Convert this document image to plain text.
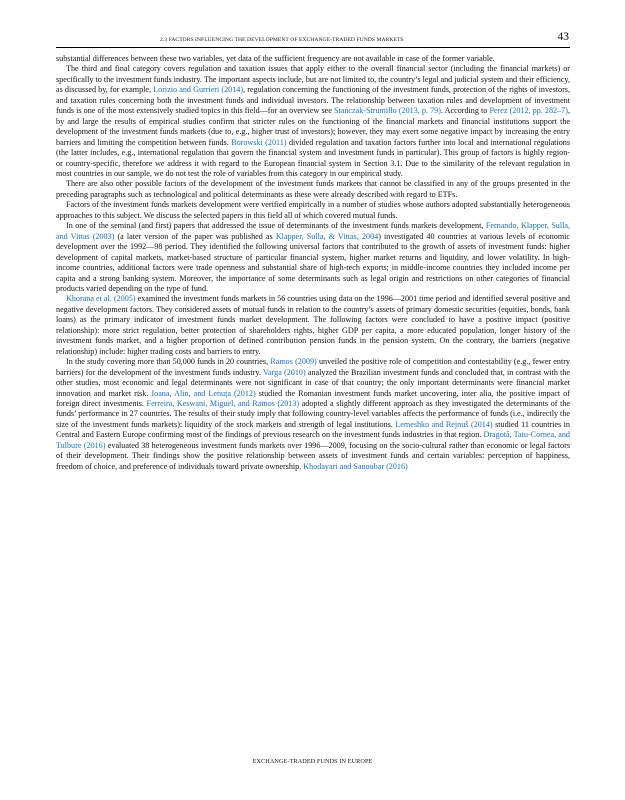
2.3 FACTORS INFLUENCING THE DEVELOPMENT OF EXCHANGE-TRADED FUNDS MARKETS	43

substantial differences between these two variables, yet data of the sufficient frequency are not available in case of the former variable.

The third and final category covers regulation and taxation issues that apply either to the overall financial sector (including the financial markets) or specifically to the investment funds industry. The important aspects include, but are not limited to, the country’s legal and judicial system and their efficiency, as discussed by, for example, Lorizio and Gurrieri (2014), regulation concerning the functioning of the investment funds, protection of the rights of investors, and taxation rules concerning both the investment funds and individual investors. The relationship between taxation rules and development of investment funds is one of the most extensively studied topics in this field—for an overview see Stańczak-Strumiłło (2013, p. 79). According to Perez (2012, pp. 282–7), by and large the results of empirical studies confirm that stricter rules on the functioning of the financial markets and financial institutions support the development of the investment funds markets (due to, e.g., higher trust of investors); however, they may exert some negative impact by increasing the entry barriers and limiting the competition between funds. Borowski (2011) divided regulation and taxation factors further into local and international regulations (the latter includes, e.g., international regulation that govern the financial system and investment funds in particular). This group of factors is highly region- or country-specific, therefore we address it with regard to the European financial system in Section 3.1. Due to the similarity of the relevant regulation in most countries in our sample, we do not test the role of variables from this category in our empirical study.

There are also other possible factors of the development of the investment funds markets that cannot be classified in any of the groups presented in the preceding paragraphs such as technological and political determinants as these were already described with regard to ETFs.

Factors of the investment funds markets development were verified empirically in a number of studies whose authors adopted substantially heterogeneous approaches to this subject. We discuss the selected papers in this field all of which covered mutual funds.

In one of the seminal (and first) papers that addressed the issue of determinants of the investment funds markets development, Fernando, Klapper, Sulla, and Vittas (2003) (a later version of the paper was published as Klapper, Sulla, & Vittas, 2004) investigated 40 countries at various levels of economic development over the 1992—98 period. They identified the following universal factors that contributed to the growth of assets of investment funds: higher development of capital markets, market-based structure of particular financial system, higher market returns and liquidity, and lower volatility. In high-income countries, additional factors were trade openness and substantial share of high-tech exports; in middle-income countries they included income per capita and a strong banking system. Moreover, the importance of some determinants such as legal origin and restrictions on other categories of financial products varied depending on the type of fund.

Khorana et al. (2005) examined the investment funds markets in 56 countries using data on the 1996—2001 time period and identified several positive and negative development factors. They considered assets of mutual funds in relation to the country’s assets of primary domestic securities (equities, bonds, bank loans) as the primary indicator of investment funds market development. The following factors were concluded to have a positive impact (positive relationship): more strict regulation, better protection of shareholders rights, higher GDP per capita, a more educated population, longer history of the investment funds market, and a higher proportion of defined contribution pension funds in the pension system. On the contrary, the barriers (negative relationship) include: higher trading costs and barriers to entry.

In the study covering more than 50,000 funds in 20 countries, Ramos (2009) unveiled the positive role of competition and contestability (e.g., fewer entry barriers) for the development of the investment funds industry. Varga (2010) analyzed the Brazilian investment funds and concluded that, in contrast with the other studies, most economic and legal determinants were not significant in case of that country; the only important determinants were financial market innovation and market risk. Ioana, Alin, and Lenuța (2012) studied the Romanian investment funds market uncovering, inter alia, the positive impact of foreign direct investments. Ferreira, Keswani, Miguel, and Ramos (2013) adopted a slightly different approach as they investigated the determinants of the funds’ performance in 27 countries. The results of their study imply that following country-level variables affects the performance of funds (i.e., indirectly the size of the investment funds markets): liquidity of the stock markets and strength of legal institutions. Lemeshko and Rejnuš (2014) studied 11 countries in Central and Eastern Europe confirming most of the findings of previous research on the investment funds industries in that region. Dragotă, Tatu-Cornea, and Tulbure (2016) evaluated 38 heterogeneous investment funds markets over 1996—2009, focusing on the socio-cultural rather than economic or legal factors of their development. Their findings show the positive relationship between assets of investment funds and certain variables: perception of happiness, freedom of choice, and preference of individuals toward private ownership. Khodayari and Sanoubar (2016)

EXCHANGE-TRADED FUNDS IN EUROPE
